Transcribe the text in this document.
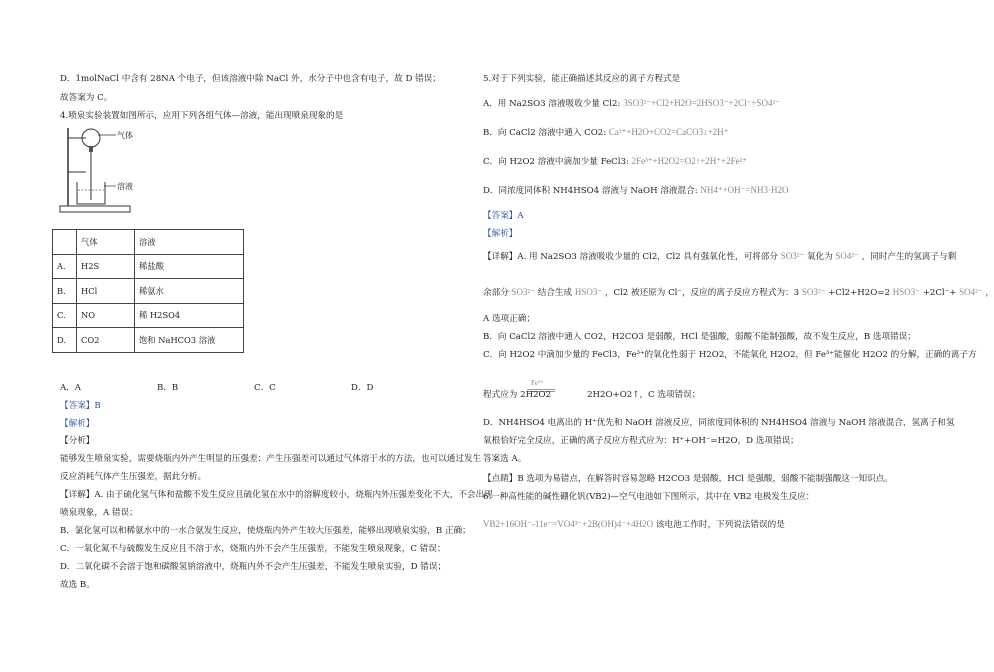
D．1molNaCl 中含有 28NA 个电子，但该溶液中除 NaCl 外，水分子中也含有电子，故 D 错误；
故答案为 C。
4.喷泉实验装置如图所示，应用下列各组气体—溶液，能出现喷泉现象的是
气体
溶液
	气体	溶液
A.	H2S	稀盐酸
B.	HCl	稀氨水
C.	NO	稀 H2SO4
D.	CO2	饱和 NaHCO3 溶液
A．A	B．B	C．C	D．D
【答案】B
【解析】
【分析】
能够发生喷泉实验，需要烧瓶内外产生明显的压强差；产生压强差可以通过气体溶于水的方法，也可以通过发生
反应消耗气体产生压强差，据此分析。
【详解】A. 由于硫化氢气体和盐酸不发生反应且硫化氢在水中的溶解度较小，烧瓶内外压强差变化不大，不会出现
喷泉现象，A 错误；
B．氯化氢可以和稀氨水中的一水合氨发生反应，使烧瓶内外产生较大压强差，能够出现喷泉实验，B 正确；
C．一氧化氮不与硫酸发生反应且不溶于水，烧瓶内外不会产生压强差，不能发生喷泉现象，C 错误；
D．二氧化碳不会溶于饱和碳酸氢钠溶液中，烧瓶内外不会产生压强差，不能发生喷泉实验，D 错误；
故选 B。
5.对于下列实验，能正确描述其反应的离子方程式是
A．用 Na2SO3 溶液吸收少量 Cl2: 3SO3²⁻+Cl2+H2O=2HSO3⁻+2Cl⁻+SO4²⁻
B．向 CaCl2 溶液中通入 CO2: Ca²⁺+H2O+CO2=CaCO3↓+2H⁺
C．向 H2O2 溶液中滴加少量 FeCl3: 2Fe³⁺+H2O2=O2↑+2H⁺+2Fe²⁺
D．同浓度同体积 NH4HSO4 溶液与 NaOH 溶液混合: NH4⁺+OH⁻=NH3·H2O
【答案】A
【解析】
【详解】A. 用 Na2SO3 溶液吸收少量的 Cl2，Cl2 具有强氧化性，可将部分 SO3²⁻ 氧化为 SO4²⁻ ，同时产生的氢离子与剩
余部分 SO3²⁻ 结合生成 HSO3⁻ ，Cl2 被还原为 Cl⁻，反应的离子反应方程式为：3 SO3²⁻ +Cl2+H2O=2 HSO3⁻ +2Cl⁻+ SO4²⁻ ，
A 选项正确；
B．向 CaCl2 溶液中通入 CO2，H2CO3 是弱酸，HCl 是强酸，弱酸不能制强酸，故不发生反应，B 选项错误；
C．向 H2O2 中滴加少量的 FeCl3，Fe³⁺的氧化性弱于 H2O2，不能氧化 H2O2，但 Fe³⁺能催化 H2O2 的分解，正确的离子方
Fe³⁺
程式应为 2H2O2	2H2O+O2↑，C 选项错误；
D．NH4HSO4 电离出的 H⁺优先和 NaOH 溶液反应，同浓度同体积的 NH4HSO4 溶液与 NaOH 溶液混合，氢离子和氢
氧根恰好完全反应，正确的离子反应方程式应为：H⁺+OH⁻=H2O，D 选项错误；
答案选 A。
【点睛】B 选项为易错点，在解答时容易忽略 H2CO3 是弱酸，HCl 是强酸，弱酸不能制强酸这一知识点。
6.一种高性能的碱性硼化钒(VB2)—空气电池如下图所示，其中在 VB2 电极发生反应：
VB2+16OH⁻-11e⁻=VO4³⁻+2B(OH)4⁻+4H2O 该电池工作时，下列说法错误的是
